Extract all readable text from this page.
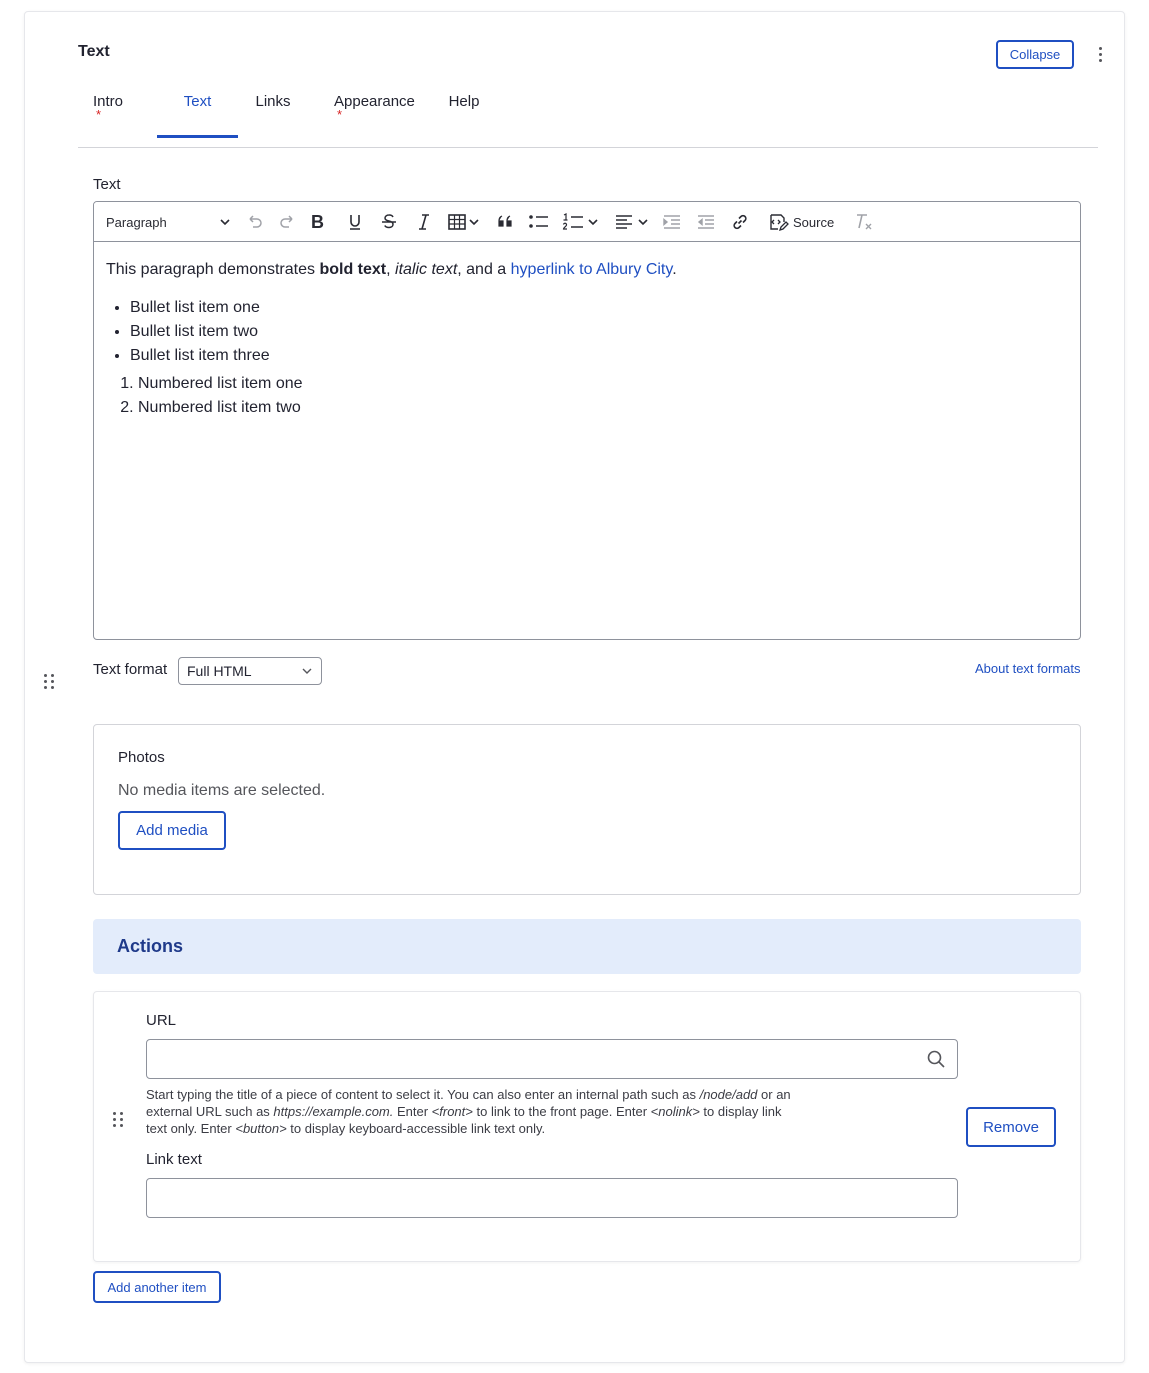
Text	Collapse
Intro
*
Text	Links	Appearance
*
Help
Text
Paragraph	B	Source

This paragraph demonstrates bold text, italic text, and a hyperlink to Albury City.

• Bullet list item one
• Bullet list item two
• Bullet list item three
1. Numbered list item one
2. Numbered list item two
Text format Full HTML	About text formats
Photos
No media items are selected.
Add media
Actions
URL
Start typing the title of a piece of content to select it. You can also enter an internal path such as /node/add or an external URL such as https://example.com. Enter <front> to link to the front page. Enter <nolink> to display link text only. Enter <button> to display keyboard-accessible link text only.
Link text
Remove
Add another item
